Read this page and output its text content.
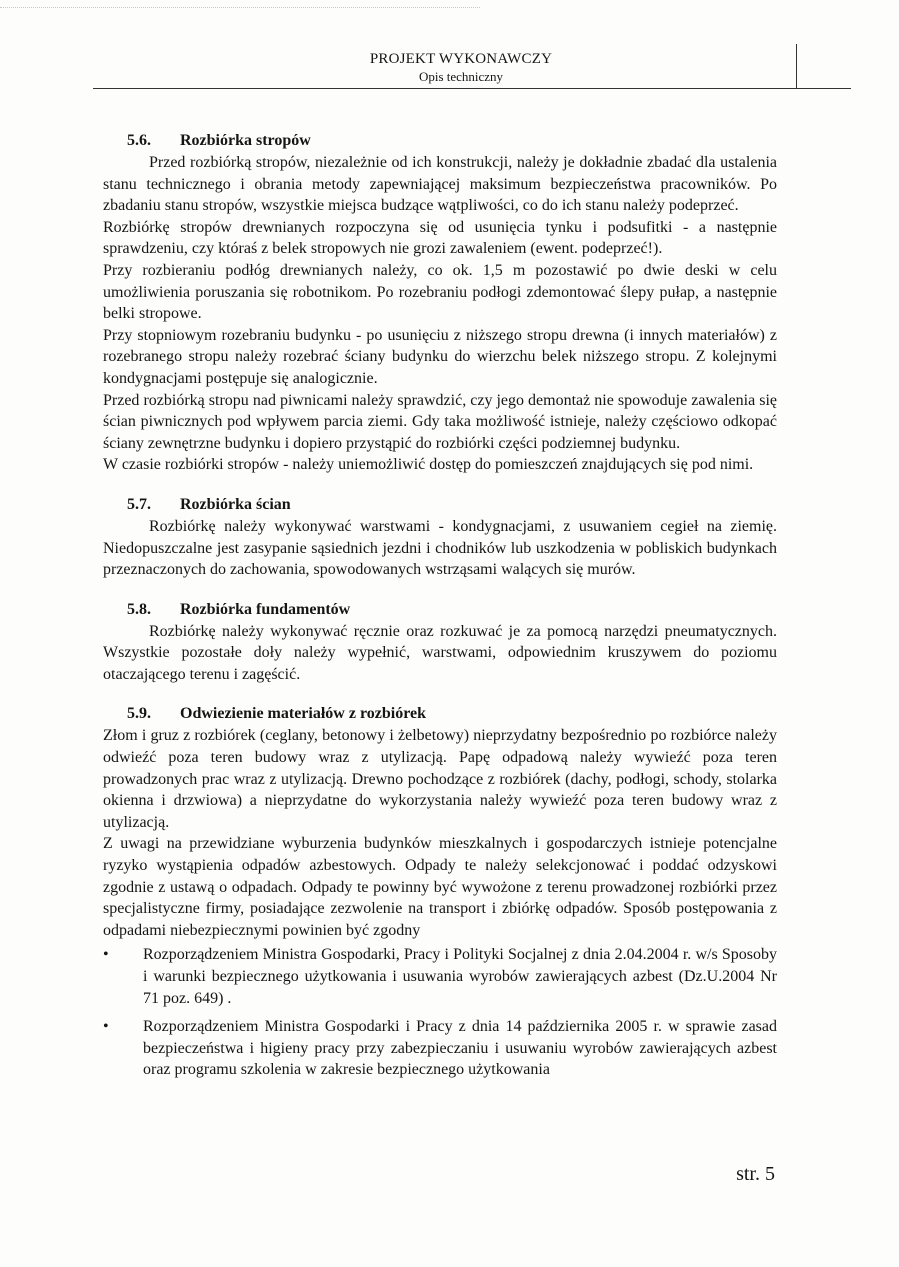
PROJEKT WYKONAWCZY
Opis techniczny
5.6. Rozbiórka stropów

Przed rozbiórką stropów, niezależnie od ich konstrukcji, należy je dokładnie zbadać dla ustalenia stanu technicznego i obrania metody zapewniającej maksimum bezpieczeństwa pracowników. Po zbadaniu stanu stropów, wszystkie miejsca budzące wątpliwości, co do ich stanu należy podeprzeć.

Rozbiórkę stropów drewnianych rozpoczyna się od usunięcia tynku i podsufitki - a następnie sprawdzeniu, czy któraś z belek stropowych nie grozi zawaleniem (ewent. podeprzeć!).

Przy rozbieraniu podłóg drewnianych należy, co ok. 1,5 m pozostawić po dwie deski w celu umożliwienia poruszania się robotnikom. Po rozebraniu podłogi zdemontować ślepy pułap, a następnie belki stropowe.

Przy stopniowym rozebraniu budynku - po usunięciu z niższego stropu drewna (i innych materiałów) z rozebranego stropu należy rozebrać ściany budynku do wierzchu belek niższego stropu. Z kolejnymi kondygnacjami postępuje się analogicznie.

Przed rozbiórką stropu nad piwnicami należy sprawdzić, czy jego demontaż nie spowoduje zawalenia się ścian piwnicznych pod wpływem parcia ziemi. Gdy taka możliwość istnieje, należy częściowo odkopać ściany zewnętrzne budynku i dopiero przystąpić do rozbiórki części podziemnej budynku.

W czasie rozbiórki stropów - należy uniemożliwić dostęp do pomieszczeń znajdujących się pod nimi.

5.7. Rozbiórka ścian

Rozbiórkę należy wykonywać warstwami - kondygnacjami, z usuwaniem cegieł na ziemię. Niedopuszczalne jest zasypanie sąsiednich jezdni i chodników lub uszkodzenia w pobliskich budynkach przeznaczonych do zachowania, spowodowanych wstrząsami walących się murów.

5.8. Rozbiórka fundamentów

Rozbiórkę należy wykonywać ręcznie oraz rozkuwać je za pomocą narzędzi pneumatycznych. Wszystkie pozostałe doły należy wypełnić, warstwami, odpowiednim kruszywem do poziomu otaczającego terenu i zagęścić.

5.9. Odwiezienie materiałów z rozbiórek

Złom i gruz z rozbiórek (ceglany, betonowy i żelbetowy) nieprzydatny bezpośrednio po rozbiórce należy odwieźć poza teren budowy wraz z utylizacją. Papę odpadową należy wywieźć poza teren prowadzonych prac wraz z utylizacją. Drewno pochodzące z rozbiórek (dachy, podłogi, schody, stolarka okienna i drzwiowa) a nieprzydatne do wykorzystania należy wywieźć poza teren budowy wraz z utylizacją.

Z uwagi na przewidziane wyburzenia budynków mieszkalnych i gospodarczych istnieje potencjalne ryzyko wystąpienia odpadów azbestowych. Odpady te należy selekcjonować i poddać odzyskowi zgodnie z ustawą o odpadach. Odpady te powinny być wywożone z terenu prowadzonej rozbiórki przez specjalistyczne firmy, posiadające zezwolenie na transport i zbiórkę odpadów. Sposób postępowania z odpadami niebezpiecznymi powinien być zgodny

• Rozporządzeniem Ministra Gospodarki, Pracy i Polityki Socjalnej z dnia 2.04.2004 r. w/s Sposoby i warunki bezpiecznego użytkowania i usuwania wyrobów zawierających azbest (Dz.U.2004 Nr 71 poz. 649) .
• Rozporządzeniem Ministra Gospodarki i Pracy z dnia 14 października 2005 r. w sprawie zasad bezpieczeństwa i higieny pracy przy zabezpieczaniu i usuwaniu wyrobów zawierających azbest oraz programu szkolenia w zakresie bezpiecznego użytkowania
str. 5
